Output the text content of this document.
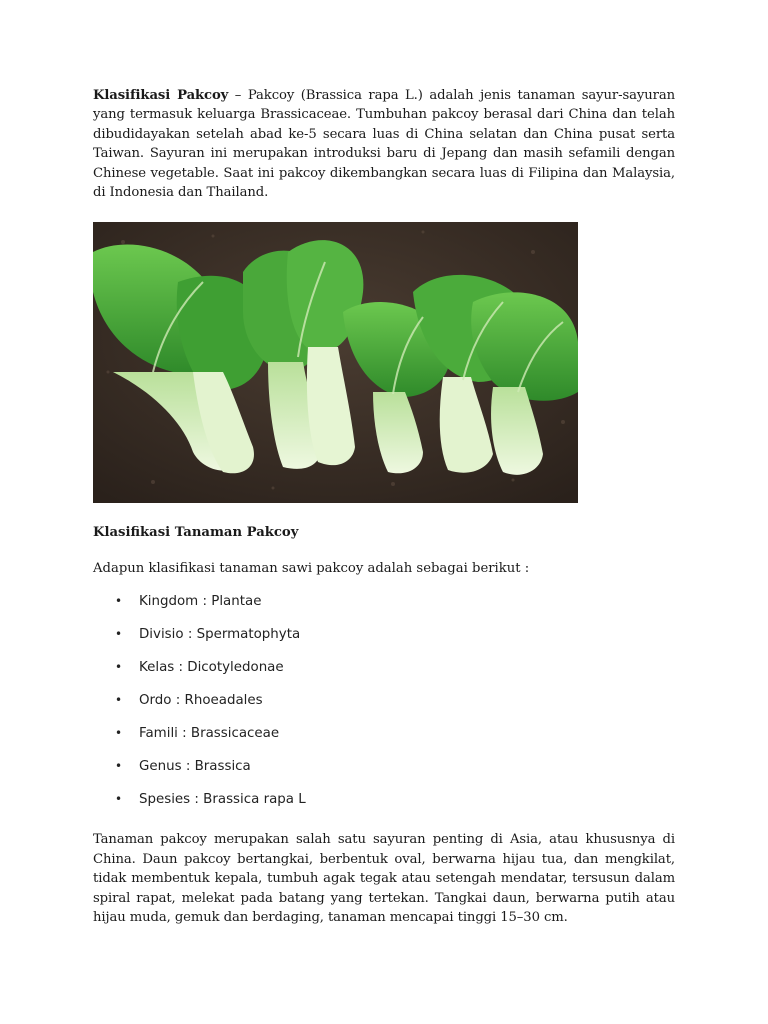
Klasifikasi Pakcoy – Pakcoy (Brassica rapa L.) adalah jenis tanaman sayur-sayuran yang termasuk keluarga Brassicaceae. Tumbuhan pakcoy berasal dari China dan telah dibudidayakan setelah abad ke-5 secara luas di China selatan dan China pusat serta Taiwan. Sayuran ini merupakan introduksi baru di Jepang dan masih sefamili dengan Chinese vegetable. Saat ini pakcoy dikembangkan secara luas di Filipina dan Malaysia, di Indonesia dan Thailand.

Klasifikasi Tanaman Pakcoy
Adapun klasifikasi tanaman sawi pakcoy adalah sebagai berikut :
• Kingdom : Plantae
• Divisio : Spermatophyta
• Kelas : Dicotyledonae
• Ordo : Rhoeadales
• Famili : Brassicaceae
• Genus : Brassica
• Spesies : Brassica rapa L

Tanaman pakcoy merupakan salah satu sayuran penting di Asia, atau khususnya di China. Daun pakcoy bertangkai, berbentuk oval, berwarna hijau tua, dan mengkilat, tidak membentuk kepala, tumbuh agak tegak atau setengah mendatar, tersusun dalam spiral rapat, melekat pada batang yang tertekan. Tangkai daun, berwarna putih atau hijau muda, gemuk dan berdaging, tanaman mencapai tinggi 15–30 cm.
